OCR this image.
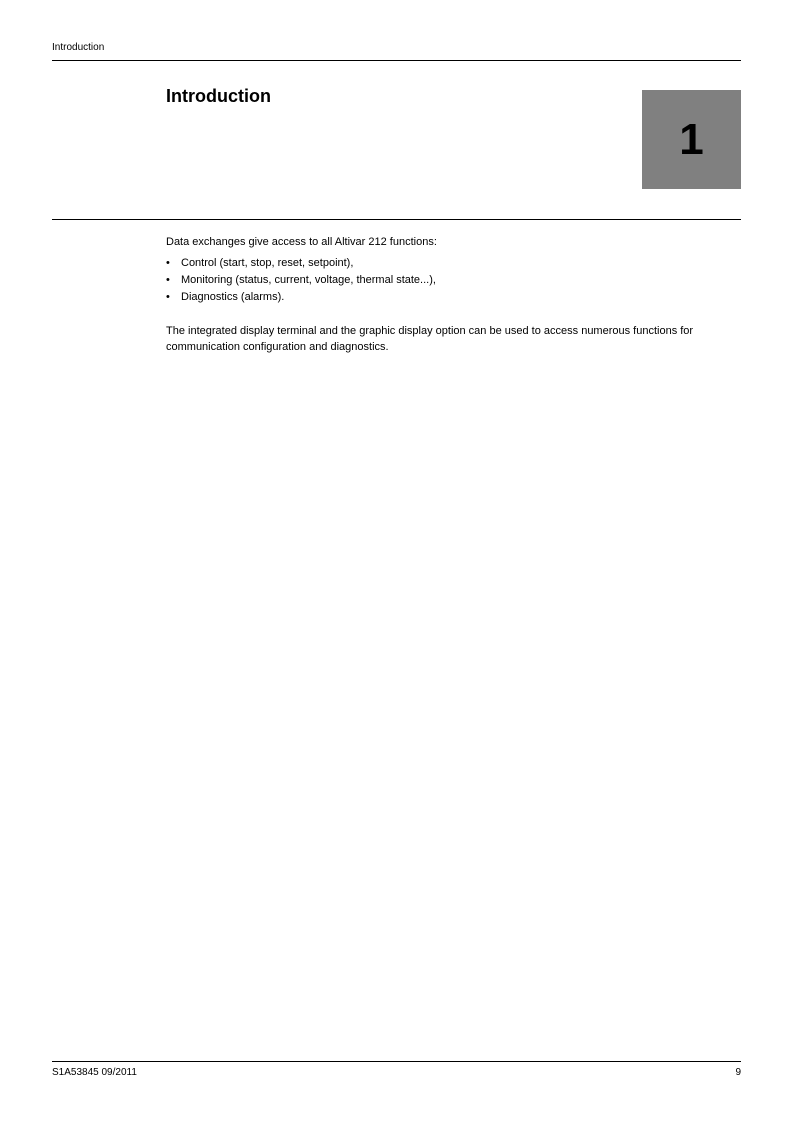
Introduction
Introduction
1

Data exchanges give access to all Altivar 212 functions:

• Control (start, stop, reset, setpoint),
• Monitoring (status, current, voltage, thermal state...),
• Diagnostics (alarms).

The integrated display terminal and the graphic display option can be used to access numerous functions for communication configuration and diagnostics.

S1A53845 09/2011	9
